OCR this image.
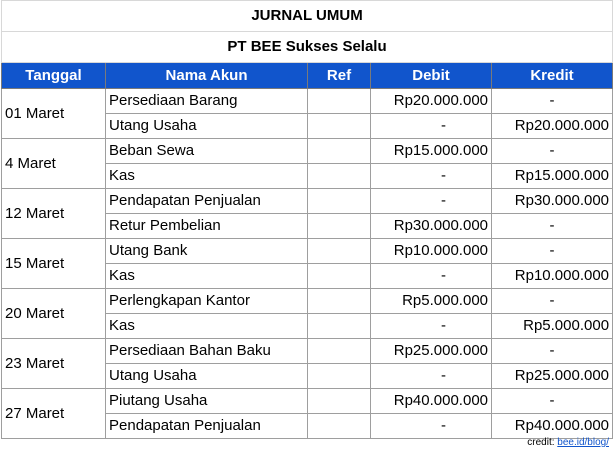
JURNAL UMUM				
PT BEE Sukses Selalu				
Tanggal	Nama Akun	Ref	Debit	Kredit
01 Maret	Persediaan Barang		Rp20.000.000	-
	Utang Usaha		-	Rp20.000.000
4 Maret	Beban Sewa		Rp15.000.000	-
	Kas		-	Rp15.000.000
12 Maret	Pendapatan Penjualan		-	Rp30.000.000
	Retur Pembelian		Rp30.000.000	-
15 Maret	Utang Bank		Rp10.000.000	-
	Kas		-	Rp10.000.000
20 Maret	Perlengkapan Kantor		Rp5.000.000	-
	Kas		-	Rp5.000.000
23 Maret	Persediaan Bahan Baku		Rp25.000.000	-
	Utang Usaha		-	Rp25.000.000
27 Maret	Piutang Usaha		Rp40.000.000	-
	Pendapatan Penjualan		-	Rp40.000.000
credit: bee.id/blog/
